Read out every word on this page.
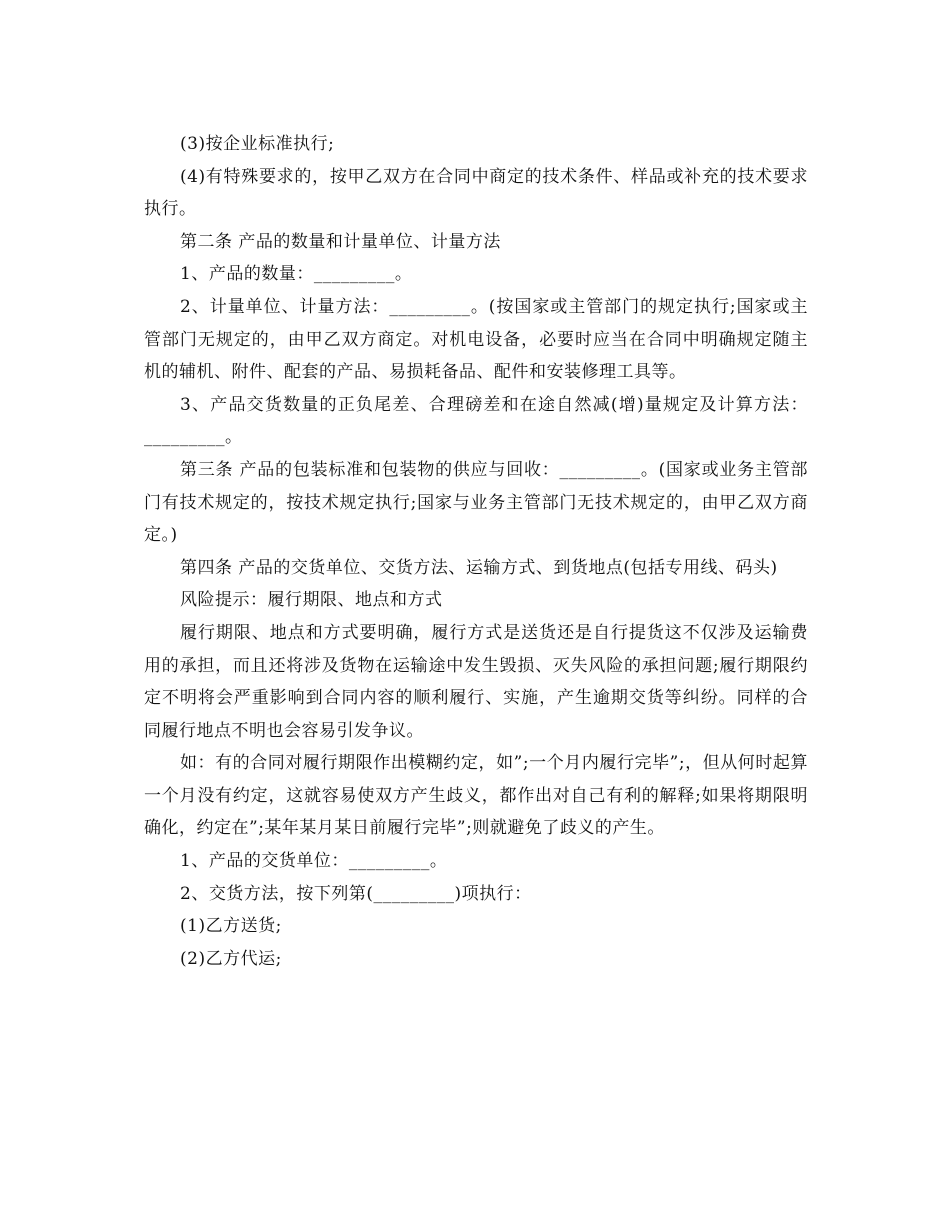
(3)按企业标准执行;

(4)有特殊要求的，按甲乙双方在合同中商定的技术条件、样品或补充的技术要求执行。

第二条 产品的数量和计量单位、计量方法

1、产品的数量：_________。

2、计量单位、计量方法：_________。(按国家或主管部门的规定执行;国家或主管部门无规定的，由甲乙双方商定。对机电设备，必要时应当在合同中明确规定随主机的辅机、附件、配套的产品、易损耗备品、配件和安装修理工具等。

3、产品交货数量的正负尾差、合理磅差和在途自然减(增)量规定及计算方法：_________。

第三条 产品的包装标准和包装物的供应与回收：_________。(国家或业务主管部门有技术规定的，按技术规定执行;国家与业务主管部门无技术规定的，由甲乙双方商定。)

第四条 产品的交货单位、交货方法、运输方式、到货地点(包括专用线、码头)

风险提示：履行期限、地点和方式

履行期限、地点和方式要明确，履行方式是送货还是自行提货这不仅涉及运输费用的承担，而且还将涉及货物在运输途中发生毁损、灭失风险的承担问题;履行期限约定不明将会严重影响到合同内容的顺利履行、实施，产生逾期交货等纠纷。同样的合同履行地点不明也会容易引发争议。

如：有的合同对履行期限作出模糊约定，如”;一个月内履行完毕”;，但从何时起算一个月没有约定，这就容易使双方产生歧义，都作出对自己有利的解释;如果将期限明确化，约定在”;某年某月某日前履行完毕”;则就避免了歧义的产生。

1、产品的交货单位：_________。

2、交货方法，按下列第(_________)项执行：

(1)乙方送货;

(2)乙方代运;
